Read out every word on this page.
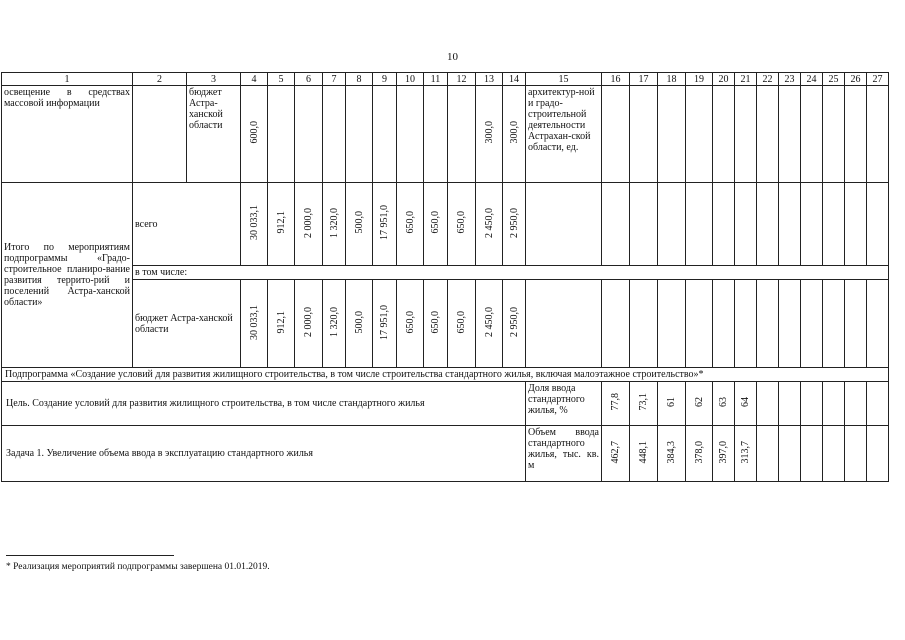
10
1	2	3	4	5	6	7	8	9	10	11	12	13	14	15	16	17	18	19	20	21	22	23	24	25	26	27
освещение в средствах массовой информации		бюджет Астра-ханской области	600,0									300,0	300,0	архитектур-ной и градо-строительной деятельности Астрахан-ской области, ед.												
Итого по мероприятиям подпрограммы «Градо-строительное планиро-вание развития террито-рий и поселений Астра-ханской области»	всего		30 033,1	912,1	2 000,0	1 320,0	500,0	17 951,0	650,0	650,0	650,0	2 450,0	2 950,0													
	в том числе:																									
	бюджет Астра-ханской области		30 033,1	912,1	2 000,0	1 320,0	500,0	17 951,0	650,0	650,0	650,0	2 450,0	2 950,0													
Подпрограмма «Создание условий для развития жилищного строительства, в том числе строительства стандартного жилья, включая малоэтажное строительство»*																										
Цель. Создание условий для развития жилищного строительства, в том числе стандартного жилья														Доля ввода стандартного жилья, %	77,8	73,1	61	62	63	64						
Задача 1. Увеличение объема ввода в эксплуатацию стандартного жилья														Объем ввода стандартного жилья, тыс. кв. м	462,7	448,1	384,3	378,0	397,0	313,7						
* Реализация мероприятий подпрограммы завершена 01.01.2019.
